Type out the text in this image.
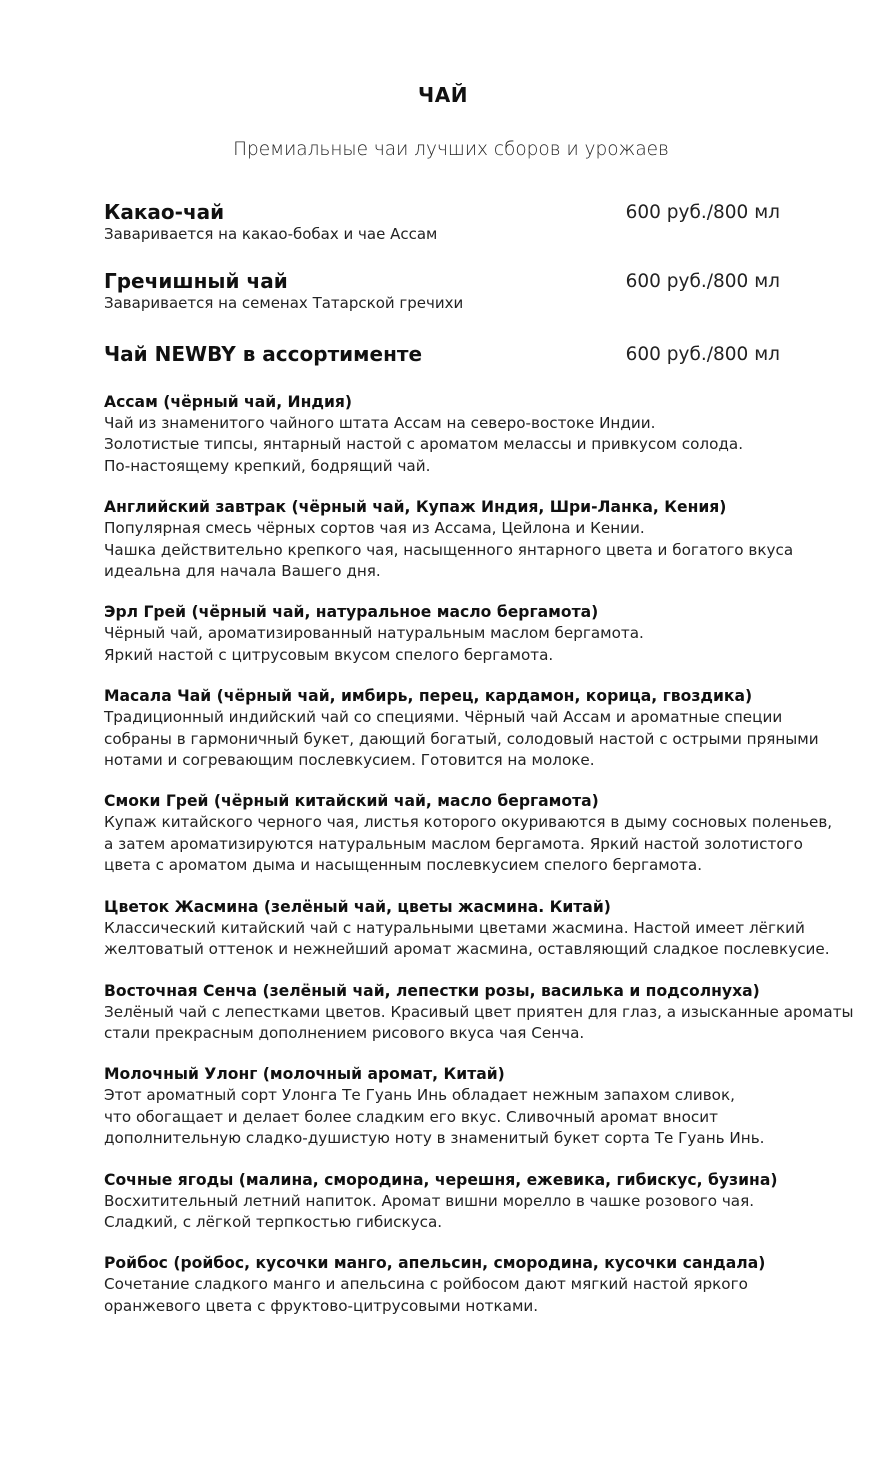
ЧАЙ
Премиальные чаи лучших сборов и урожаев
Какао-чай	600 руб./800 мл
Заваривается на какао-бобах и чае Ассам
Гречишный чай	600 руб./800 мл
Заваривается на семенах Татарской гречихи
Чай NEWBY в ассортименте	600 руб./800 мл
Ассам (чёрный чай, Индия)
Чай из знаменитого чайного штата Ассам на северо-востоке Индии.
Золотистые типсы, янтарный настой с ароматом мелассы и привкусом солода.
По-настоящему крепкий, бодрящий чай.
Английский завтрак (чёрный чай, Купаж Индия, Шри-Ланка, Кения)
Популярная смесь чёрных сортов чая из Ассама, Цейлона и Кении.
Чашка действительно крепкого чая, насыщенного янтарного цвета и богатого вкуса
идеальна для начала Вашего дня.
Эрл Грей (чёрный чай, натуральное масло бергамота)
Чёрный чай, ароматизированный натуральным маслом бергамота.
Яркий настой с цитрусовым вкусом спелого бергамота.
Масала Чай (чёрный чай, имбирь, перец, кардамон, корица, гвоздика)
Традиционный индийский чай со специями. Чёрный чай Ассам и ароматные специи
собраны в гармоничный букет, дающий богатый, солодовый настой с острыми пряными
нотами и согревающим послевкусием. Готовится на молоке.
Смоки Грей (чёрный китайский чай, масло бергамота)
Купаж китайского черного чая, листья которого окуриваются в дыму сосновых поленьев,
а затем ароматизируются натуральным маслом бергамота. Яркий настой золотистого
цвета с ароматом дыма и насыщенным послевкусием спелого бергамота.
Цветок Жасмина (зелёный чай, цветы жасмина. Китай)
Классический китайский чай с натуральными цветами жасмина. Настой имеет лёгкий
желтоватый оттенок и нежнейший аромат жасмина, оставляющий сладкое послевкусие.
Восточная Сенча (зелёный чай, лепестки розы, василька и подсолнуха)
Зелёный чай с лепестками цветов. Красивый цвет приятен для глаз, а изысканные ароматы
стали прекрасным дополнением рисового вкуса чая Сенча.
Молочный Улонг (молочный аромат, Китай)
Этот ароматный сорт Улонга Те Гуань Инь обладает нежным запахом сливок,
что обогащает и делает более сладким его вкус. Сливочный аромат вносит
дополнительную сладко-душистую ноту в знаменитый букет сорта Те Гуань Инь.
Сочные ягоды (малина, смородина, черешня, ежевика, гибискус, бузина)
Восхитительный летний напиток. Аромат вишни морелло в чашке розового чая.
Сладкий, с лёгкой терпкостью гибискуса.
Ройбос (ройбос, кусочки манго, апельсин, смородина, кусочки сандала)
Сочетание сладкого манго и апельсина с ройбосом дают мягкий настой яркого
оранжевого цвета с фруктово-цитрусовыми нотками.
